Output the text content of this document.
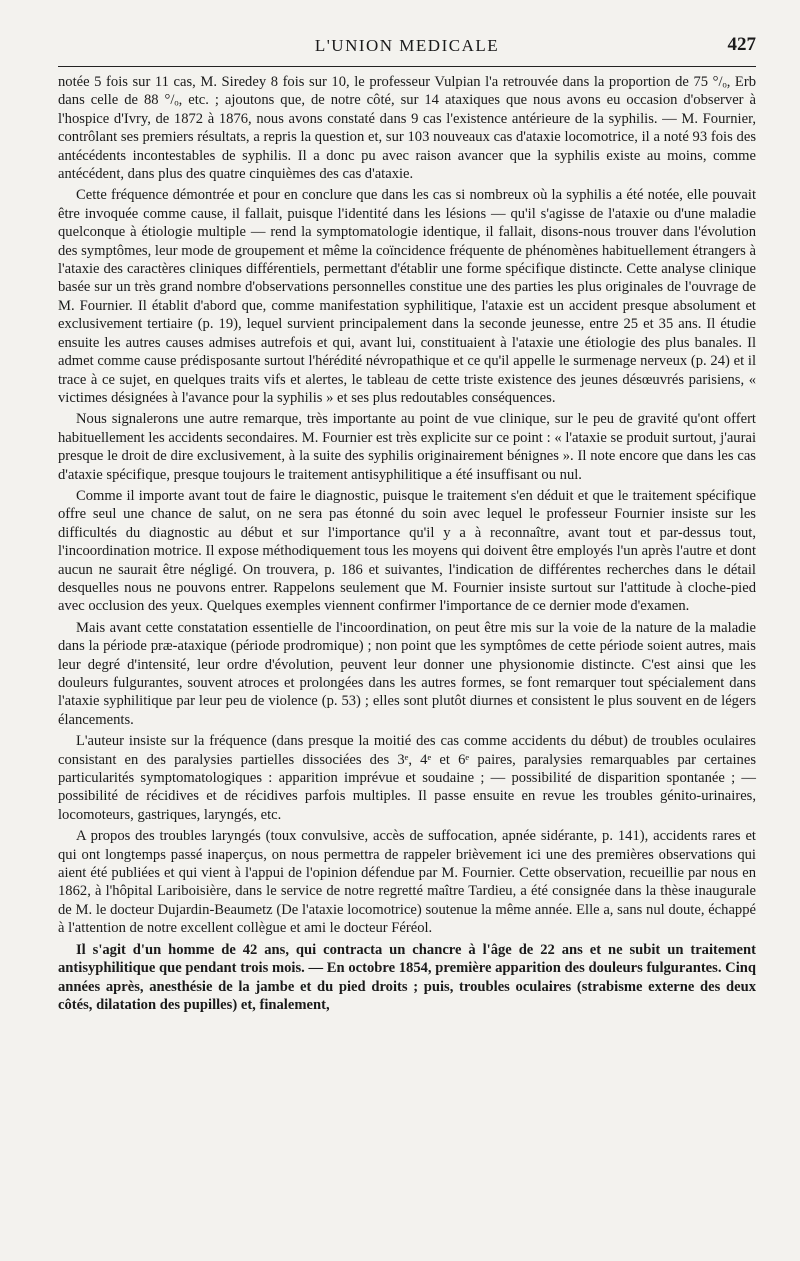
L'UNION MEDICALE	427

notée 5 fois sur 11 cas, M. Siredey 8 fois sur 10, le professeur Vulpian l'a retrouvée dans la proportion de 75 °/ₒ, Erb dans celle de 88 °/ₒ, etc. ; ajoutons que, de notre côté, sur 14 ataxiques que nous avons eu occasion d'observer à l'hospice d'Ivry, de 1872 à 1876, nous avons constaté dans 9 cas l'existence antérieure de la syphilis. — M. Fournier, contrôlant ses premiers résultats, a repris la question et, sur 103 nouveaux cas d'ataxie locomotrice, il a noté 93 fois des antécédents incontestables de syphilis. Il a donc pu avec raison avancer que la syphilis existe au moins, comme antécédent, dans plus des quatre cinquièmes des cas d'ataxie.

Cette fréquence démontrée et pour en conclure que dans les cas si nombreux où la syphilis a été notée, elle pouvait être invoquée comme cause, il fallait, puisque l'identité dans les lésions — qu'il s'agisse de l'ataxie ou d'une maladie quelconque à étiologie multiple — rend la symptomatologie identique, il fallait, disons-nous trouver dans l'évolution des symptômes, leur mode de groupement et même la coïncidence fréquente de phénomènes habituellement étrangers à l'ataxie des caractères cliniques différentiels, permettant d'établir une forme spécifique distincte. Cette analyse clinique basée sur un très grand nombre d'observations personnelles constitue une des parties les plus originales de l'ouvrage de M. Fournier. Il établit d'abord que, comme manifestation syphilitique, l'ataxie est un accident presque absolument et exclusivement tertiaire (p. 19), lequel survient principalement dans la seconde jeunesse, entre 25 et 35 ans. Il étudie ensuite les autres causes admises autrefois et qui, avant lui, constituaient à l'ataxie une étiologie des plus banales. Il admet comme cause prédisposante surtout l'hérédité névropathique et ce qu'il appelle le surmenage nerveux (p. 24) et il trace à ce sujet, en quelques traits vifs et alertes, le tableau de cette triste existence des jeunes désœuvrés parisiens, « victimes désignées à l'avance pour la syphilis » et ses plus redoutables conséquences.

Nous signalerons une autre remarque, très importante au point de vue clinique, sur le peu de gravité qu'ont offert habituellement les accidents secondaires. M. Fournier est très explicite sur ce point : « l'ataxie se produit surtout, j'aurai presque le droit de dire exclusivement, à la suite des syphilis originairement bénignes ». Il note encore que dans les cas d'ataxie spécifique, presque toujours le traitement antisyphilitique a été insuffisant ou nul.

Comme il importe avant tout de faire le diagnostic, puisque le traitement s'en déduit et que le traitement spécifique offre seul une chance de salut, on ne sera pas étonné du soin avec lequel le professeur Fournier insiste sur les difficultés du diagnostic au début et sur l'importance qu'il y a à reconnaître, avant tout et par-dessus tout, l'incoordination motrice. Il expose méthodiquement tous les moyens qui doivent être employés l'un après l'autre et dont aucun ne saurait être négligé. On trouvera, p. 186 et suivantes, l'indication de différentes recherches dans le détail desquelles nous ne pouvons entrer. Rappelons seulement que M. Fournier insiste surtout sur l'attitude à cloche-pied avec occlusion des yeux. Quelques exemples viennent confirmer l'importance de ce dernier mode d'examen.

Mais avant cette constatation essentielle de l'incoordination, on peut être mis sur la voie de la nature de la maladie dans la période præ-ataxique (période prodromique) ; non point que les symptômes de cette période soient autres, mais leur degré d'intensité, leur ordre d'évolution, peuvent leur donner une physionomie distincte. C'est ainsi que les douleurs fulgurantes, souvent atroces et prolongées dans les autres formes, se font remarquer tout spécialement dans l'ataxie syphilitique par leur peu de violence (p. 53) ; elles sont plutôt diurnes et consistent le plus souvent en de légers élancements.

L'auteur insiste sur la fréquence (dans presque la moitié des cas comme accidents du début) de troubles oculaires consistant en des paralysies partielles dissociées des 3ᵉ, 4ᵉ et 6ᵉ paires, paralysies remarquables par certaines particularités symptomatologiques : apparition imprévue et soudaine ; — possibilité de disparition spontanée ; — possibilité de récidives et de récidives parfois multiples. Il passe ensuite en revue les troubles génito-urinaires, locomoteurs, gastriques, laryngés, etc.

A propos des troubles laryngés (toux convulsive, accès de suffocation, apnée sidérante, p. 141), accidents rares et qui ont longtemps passé inaperçus, on nous permettra de rappeler brièvement ici une des premières observations qui aient été publiées et qui vient à l'appui de l'opinion défendue par M. Fournier. Cette observation, recueillie par nous en 1862, à l'hôpital Lariboisière, dans le service de notre regretté maître Tardieu, a été consignée dans la thèse inaugurale de M. le docteur Dujardin-Beaumetz (De l'ataxie locomotrice) soutenue la même année. Elle a, sans nul doute, échappé à l'attention de notre excellent collègue et ami le docteur Féréol.

Il s'agit d'un homme de 42 ans, qui contracta un chancre à l'âge de 22 ans et ne subit un traitement antisyphilitique que pendant trois mois. — En octobre 1854, première apparition des douleurs fulgurantes. Cinq années après, anesthésie de la jambe et du pied droits ; puis, troubles oculaires (strabisme externe des deux côtés, dilatation des pupilles) et, finalement,
